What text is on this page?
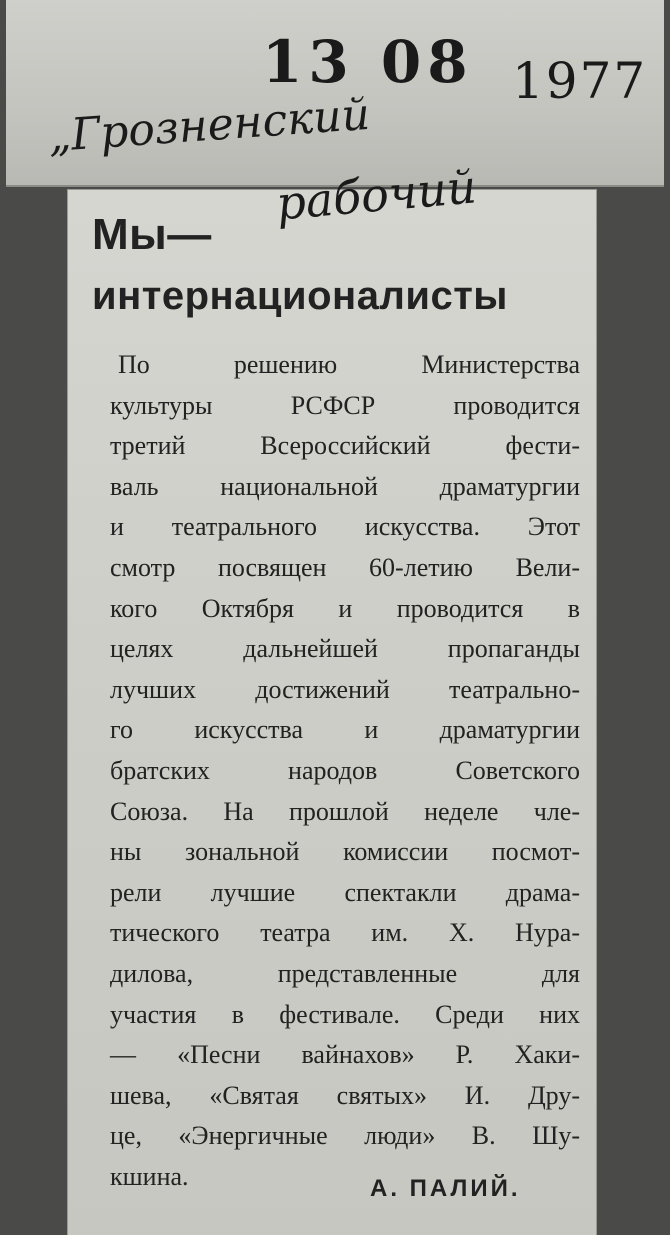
13 08 1977
„Грозненский
рабочий
Мы—
интернационалисты
По решению Министерства
культуры РСФСР проводится
третий Всероссийский фести-
валь национальной драматургии
и театрального искусства. Этот
смотр посвящен 60-летию Вели-
кого Октября и проводится в
целях дальнейшей пропаганды
лучших достижений театрально-
го искусства и драматургии
братских народов Советского
Союза. На прошлой неделе чле-
ны зональной комиссии посмот-
рели лучшие спектакли драма-
тического театра им. Х. Нура-
дилова, представленные для
участия в фестивале. Среди них
— «Песни вайнахов» Р. Хаки-
шева, «Святая святых» И. Дру-
це, «Энергичные люди» В. Шу-
кшина.	А. ПАЛИЙ.
